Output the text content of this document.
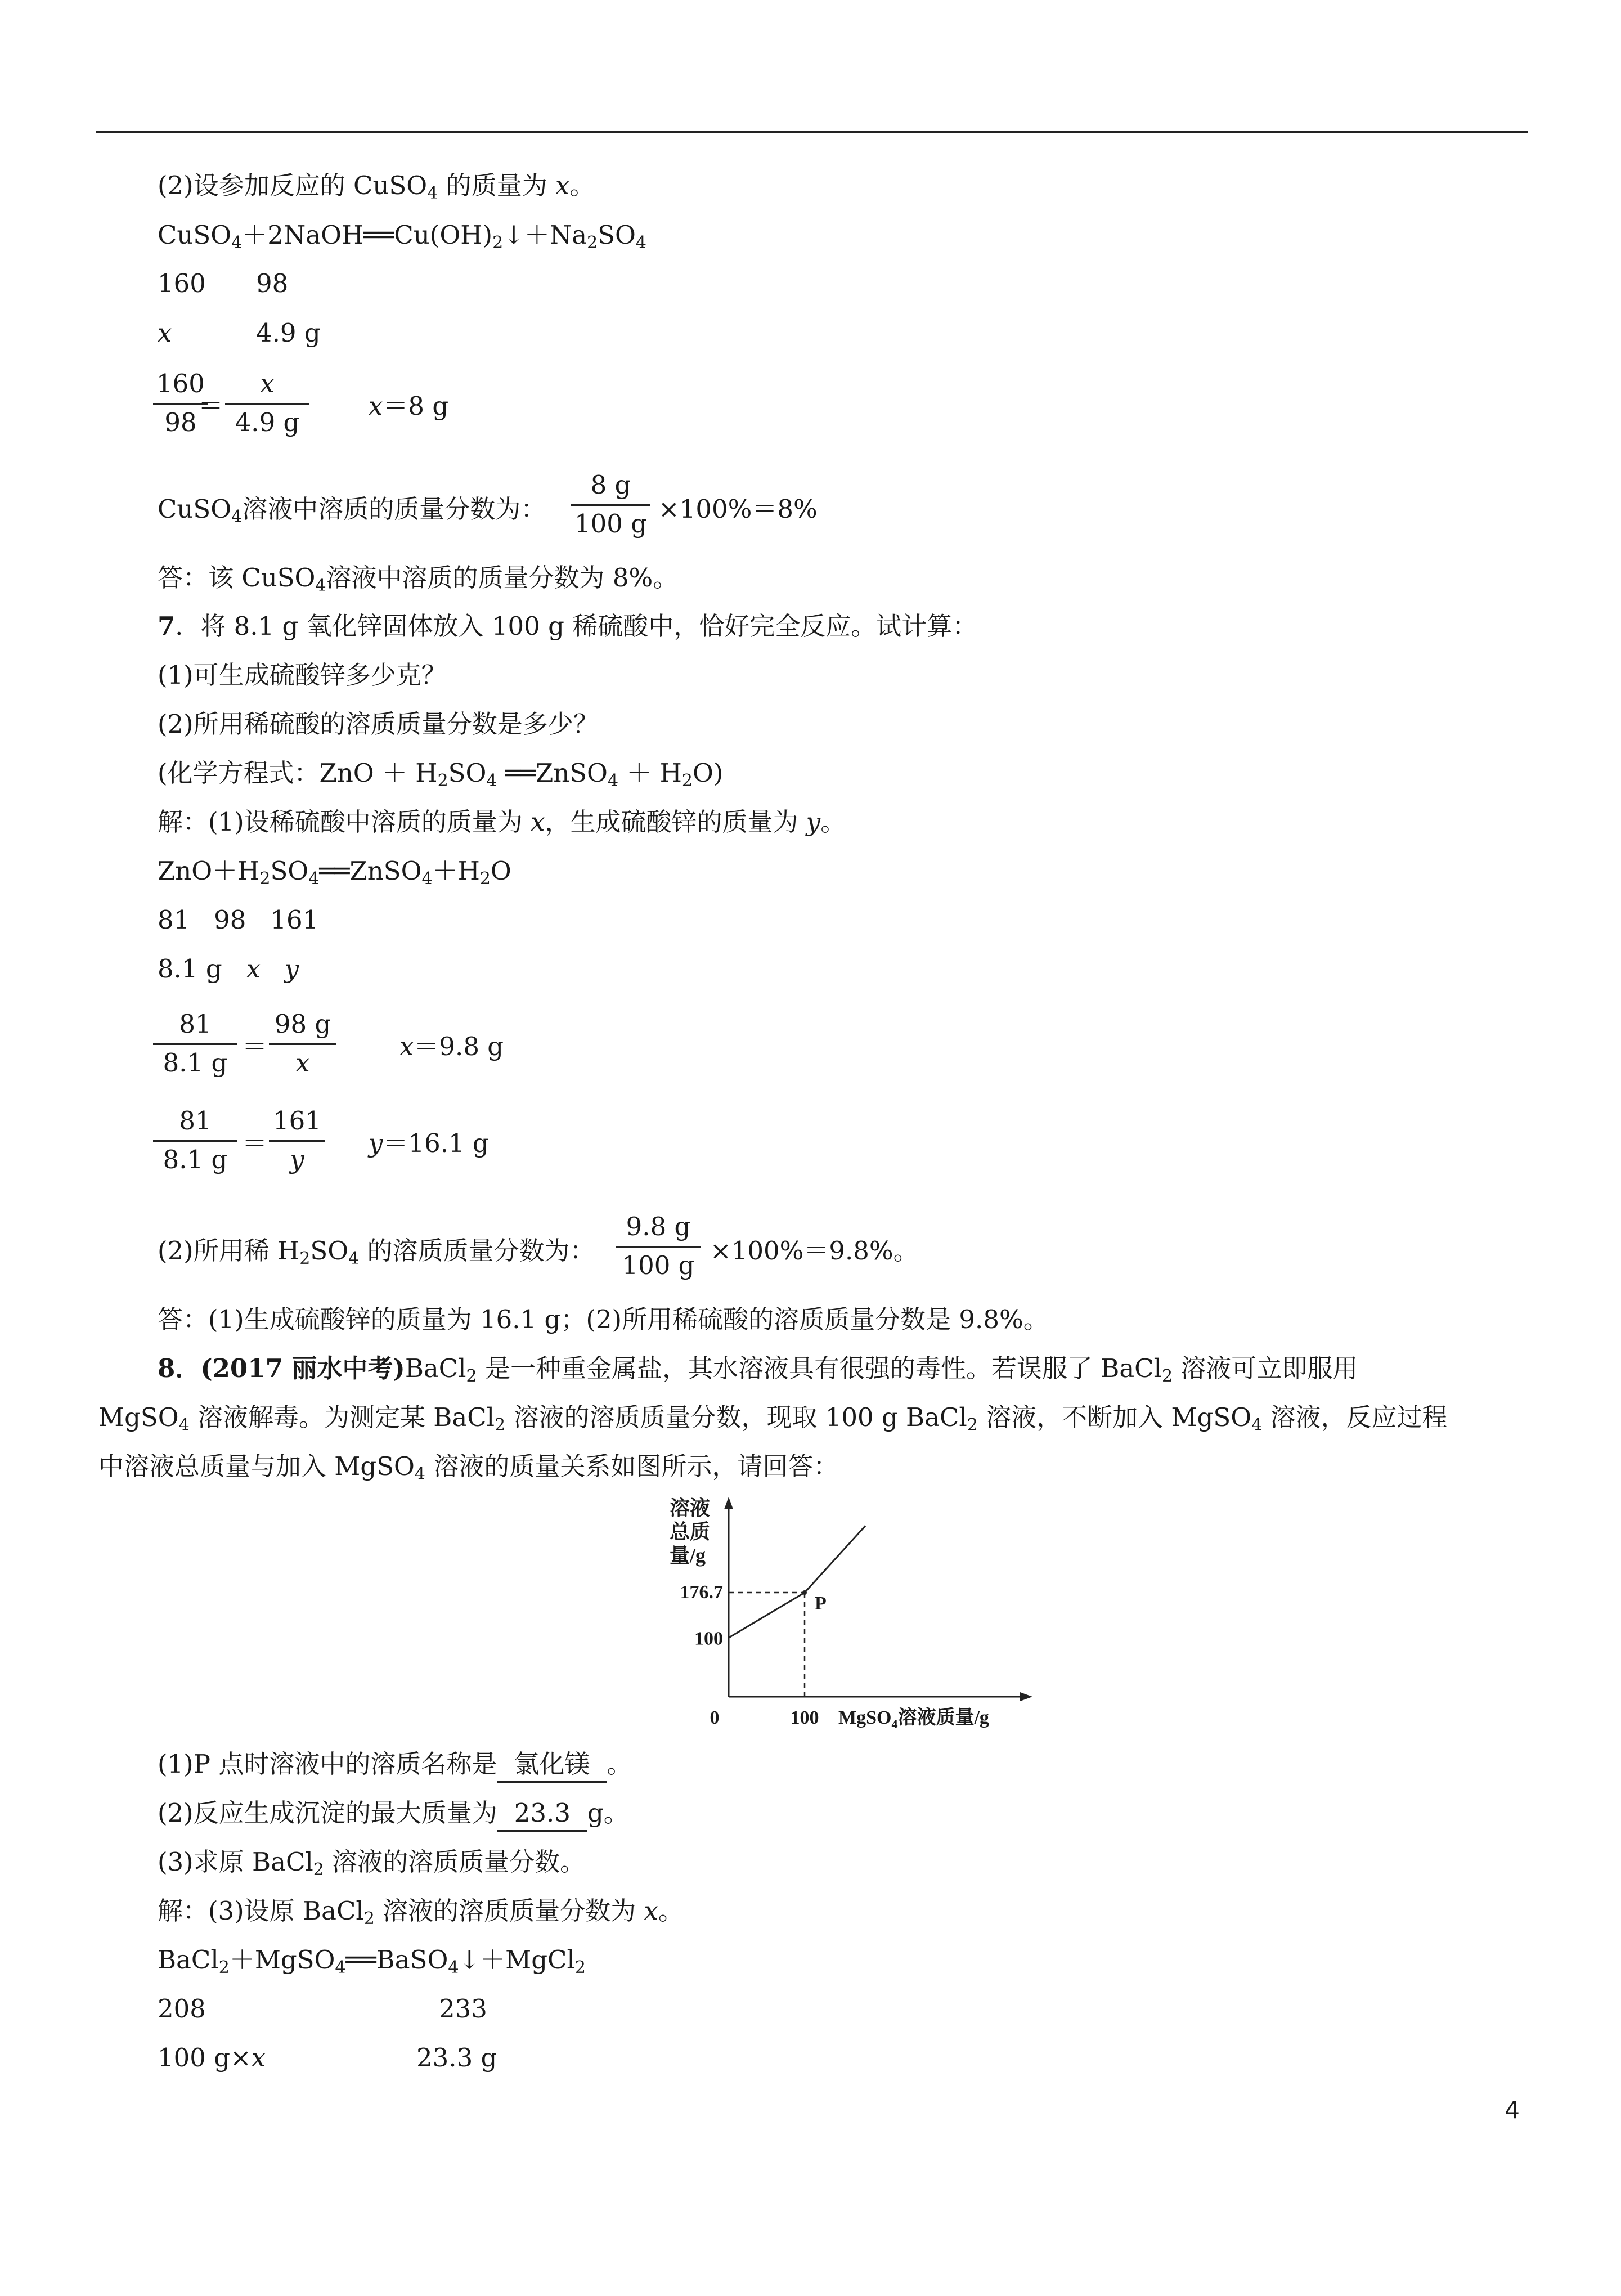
(2)设参加反应的 CuSO$_4$ 的质量为 x。
$CuSO_4+2NaOH══Cu(OH)_2↓+Na_2SO_4$
160 98
x	4.9 g
$\frac{160}{98}$
＝ $\frac{x}{4.9 g} x=8$ g
CuSO$_4$溶液中溶质的质量分数为： $\frac{8 g}{100 g} \times 100\%=8\%$
答：该 CuSO$_4$溶液中溶质的质量分数为 8%。
7．将 8.1 g 氧化锌固体放入 100 g 稀硫酸中，恰好完全反应。试计算：
(1)可生成硫酸锌多少克？
(2)所用稀硫酸的溶质质量分数是多少？
(化学方程式：ZnO ＋ $H_2SO_4$ ══ZnSO$_4$ ＋ $H_2O$)
解：(1)设稀硫酸中溶质的质量为 x，生成硫酸锌的质量为 y。
$ZnO+H_2SO_4══ZnSO_4+H_2O$
81   98   161
8.1 g x y
$\frac{81}{8.1 g} = \frac{98 g}{x} x=9.8$ g
$\frac{81}{8.1 g} = \frac{161}{y} y=16.1$ g
(2)所用稀 $H_2SO_4$ 的溶质质量分数为： $\frac{9.8 g}{100 g} \times 100\%=9.8\%$。
答：(1)生成硫酸锌的质量为 16.1 g；(2)所用稀硫酸的溶质质量分数是 9.8%。
8．(2017 丽水中考)BaCl$_2$ 是一种重金属盐，其水溶液具有很强的毒性。若误服了 BaCl$_2$ 溶液可立即服用
MgSO$_4$ 溶液解毒。为测定某 BaCl$_2$ 溶液的溶质质量分数，现取 100 g BaCl$_2$ 溶液，不断加入 MgSO$_4$ 溶液，反应过程
中溶液总质量与加入 MgSO$_4$ 溶液的质量关系如图所示，请回答：
溶液
总质
量/g
176.7
100
0	100
P
MgSO$_4$溶液质量/g
(1)P 点时溶液中的溶质名称是 氯化镁 。
(2)反应生成沉淀的最大质量为 23.3 g。
(3)求原 BaCl$_2$ 溶液的溶质质量分数。
解：(3)设原 BaCl$_2$ 溶液的溶质质量分数为 x。
BaCl$_2$＋MgSO$_4$══BaSO$_4$↓＋MgCl$_2$
208	233
100 g×x	23.3 g
4
